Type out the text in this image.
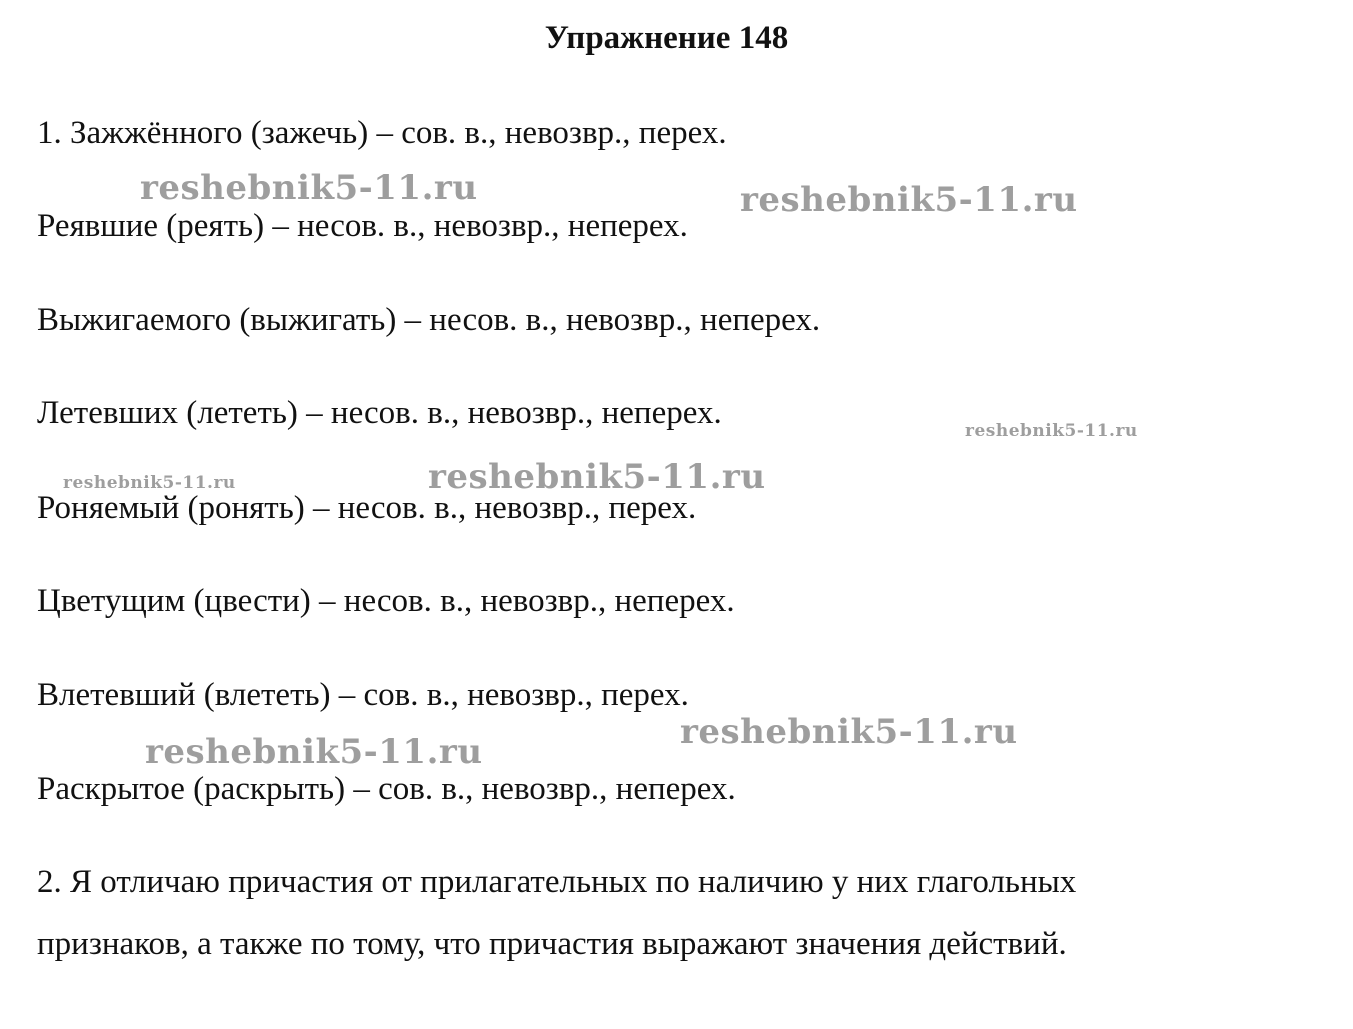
Упражнение 148
1. Зажжённого (зажечь) – сов. в., невозвр., перех.
Реявшие (реять) – несов. в., невозвр., неперех.
Выжигаемого (выжигать) – несов. в., невозвр., неперех.
Летевших (лететь) – несов. в., невозвр., неперех.
Роняемый (ронять) – несов. в., невозвр., перех.
Цветущим (цвести) – несов. в., невозвр., неперех.
Влетевший (влететь) – сов. в., невозвр., перех.
Раскрытое (раскрыть) – сов. в., невозвр., неперех.
2. Я отличаю причастия от прилагательных по наличию у них глагольных
признаков, а также по тому, что причастия выражают значения действий.
reshebnik5-11.ru	reshebnik5-11.ru
reshebnik5-11.ru
reshebnik5-11.ru	reshebnik5-11.ru
reshebnik5-11.ru
reshebnik5-11.ru
